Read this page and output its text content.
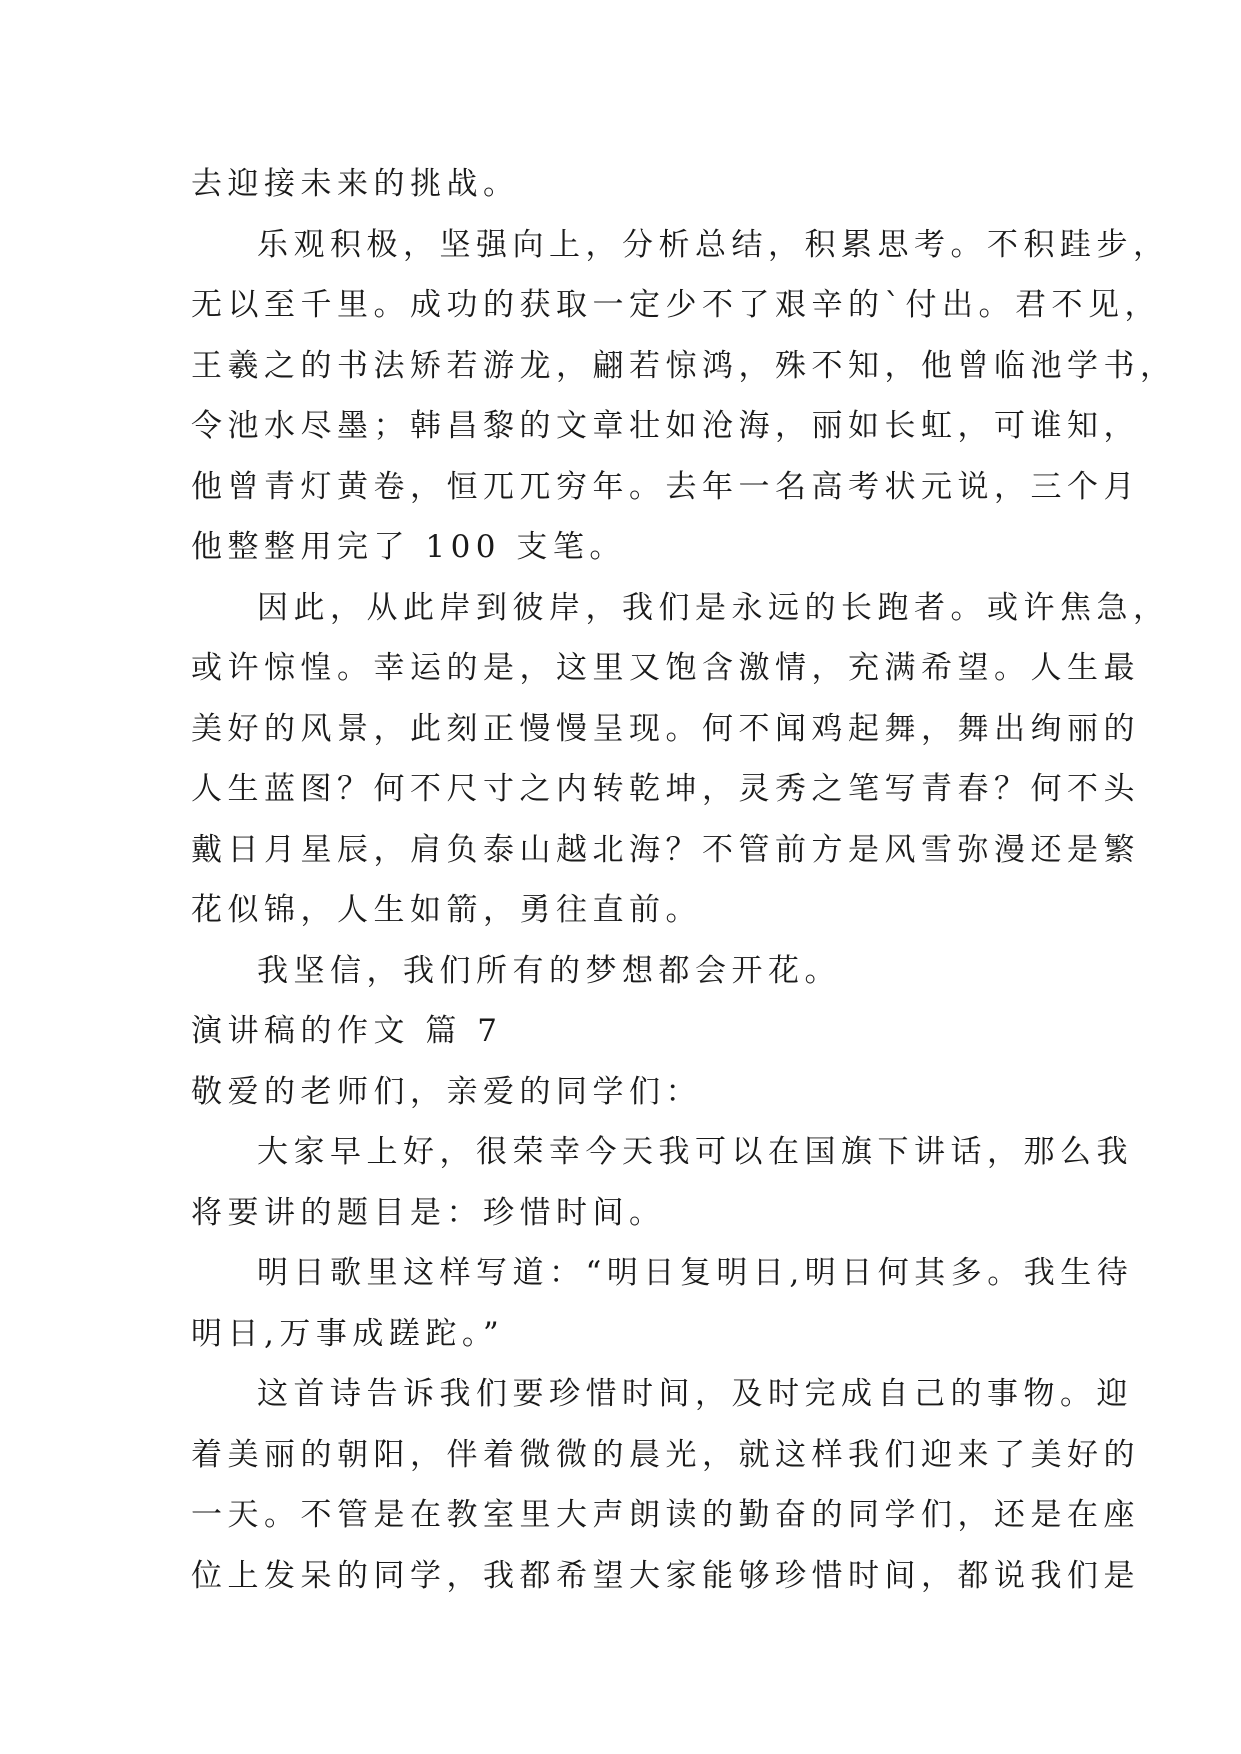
去迎接未来的挑战。
乐观积极，坚强向上，分析总结，积累思考。不积跬步，
无以至千里。成功的获取一定少不了艰辛的`付出。君不见，
王羲之的书法矫若游龙，翩若惊鸿，殊不知，他曾临池学书，
令池水尽墨；韩昌黎的文章壮如沧海，丽如长虹，可谁知，
他曾青灯黄卷，恒兀兀穷年。去年一名高考状元说，三个月
他整整用完了 100 支笔。
因此，从此岸到彼岸，我们是永远的长跑者。或许焦急，
或许惊惶。幸运的是，这里又饱含激情，充满希望。人生最
美好的风景，此刻正慢慢呈现。何不闻鸡起舞，舞出绚丽的
人生蓝图？何不尺寸之内转乾坤，灵秀之笔写青春？何不头
戴日月星辰，肩负泰山越北海？不管前方是风雪弥漫还是繁
花似锦，人生如箭，勇往直前。
我坚信，我们所有的梦想都会开花。
演讲稿的作文 篇 7
敬爱的老师们，亲爱的同学们：
大家早上好，很荣幸今天我可以在国旗下讲话，那么我
将要讲的题目是：珍惜时间。
明日歌里这样写道：“明日复明日,明日何其多。我生待
明日,万事成蹉跎。”
这首诗告诉我们要珍惜时间，及时完成自己的事物。迎
着美丽的朝阳，伴着微微的晨光，就这样我们迎来了美好的
一天。不管是在教室里大声朗读的勤奋的同学们，还是在座
位上发呆的同学，我都希望大家能够珍惜时间，都说我们是
